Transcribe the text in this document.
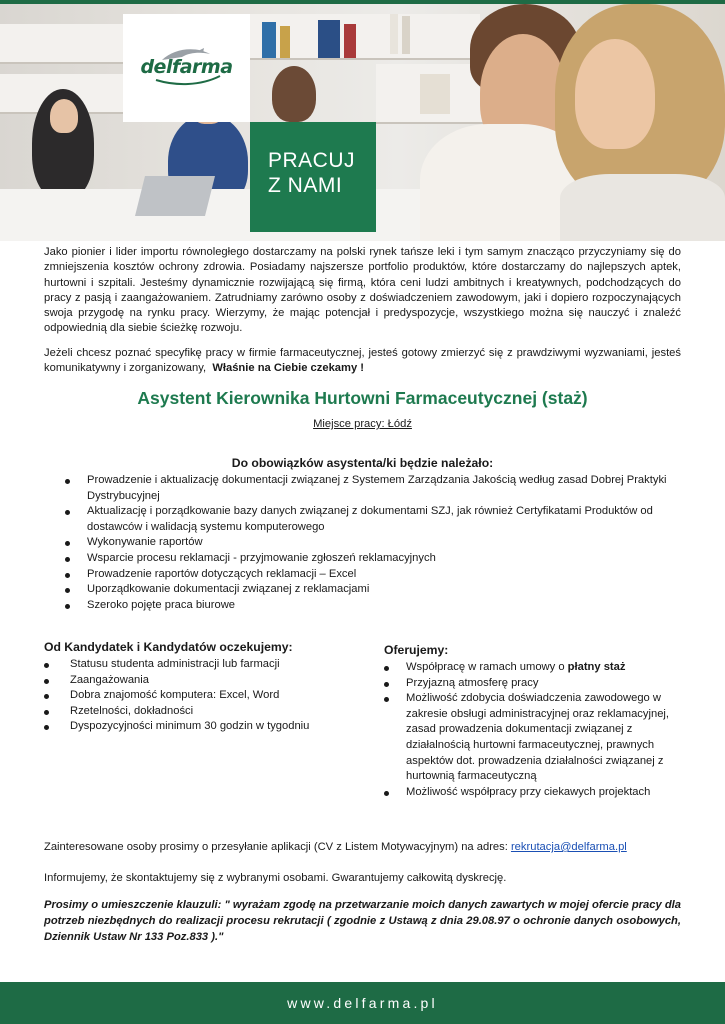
delfarma
PRACUJ
Z NAMI

Jako pionier i lider importu równoległego dostarczamy na polski rynek tańsze leki i tym samym znacząco przyczyniamy się do zmniejszenia kosztów ochrony zdrowia. Posiadamy najszersze portfolio produktów, które dostarczamy do najlepszych aptek, hurtowni i szpitali. Jesteśmy dynamicznie rozwijającą się firmą, która ceni ludzi ambitnych i kreatywnych, podchodzących do pracy z pasją i zaangażowaniem. Zatrudniamy zarówno osoby z doświadczeniem zawodowym, jaki i dopiero rozpoczynających swoja przygodę na rynku pracy. Wierzymy, że mając potencjał i predyspozycje, wszystkiego można się nauczyć i znaleźć odpowiednią dla siebie ścieżkę rozwoju.

Jeżeli chcesz poznać specyfikę pracy w firmie farmaceutycznej, jesteś gotowy zmierzyć się z prawdziwymi wyzwaniami, jesteś komunikatywny i zorganizowany, Właśnie na Ciebie czekamy !

Asystent Kierownika Hurtowni Farmaceutycznej (staż)
Miejsce pracy: Łódź
Do obowiązków asystenta/ki będzie należało:
Prowadzenie i aktualizację dokumentacji związanej z Systemem Zarządzania Jakością według zasad Dobrej Praktyki Dystrybucyjnej
Aktualizację i porządkowanie bazy danych związanej z dokumentami SZJ, jak również Certyfikatami Produktów od dostawców i walidacją systemu komputerowego
Wykonywanie raportów
Wsparcie procesu reklamacji - przyjmowanie zgłoszeń reklamacyjnych
Prowadzenie raportów dotyczących reklamacji – Excel
Uporządkowanie dokumentacji związanej z reklamacjami
Szeroko pojęte praca biurowe
Od Kandydatek i Kandydatów oczekujemy:
Statusu studenta administracji lub farmacji
Zaangażowania
Dobra znajomość komputera: Excel, Word
Rzetelności, dokładności
Dyspozycyjności minimum 30 godzin w tygodniu
Oferujemy:
Współpracę w ramach umowy o płatny staż
Przyjazną atmosferę pracy
Możliwość zdobycia doświadczenia zawodowego w zakresie obsługi administracyjnej oraz reklamacyjnej, zasad prowadzenia dokumentacji związanej z działalnością hurtowni farmaceutycznej, prawnych aspektów dot. prowadzenia działalności związanej z hurtownią farmaceutyczną
Możliwość współpracy przy ciekawych projektach

Zainteresowane osoby prosimy o przesyłanie aplikacji (CV z Listem Motywacyjnym) na adres: rekrutacja@delfarma.pl

Informujemy, że skontaktujemy się z wybranymi osobami. Gwarantujemy całkowitą dyskrecję.

Prosimy o umieszczenie klauzuli: " wyrażam zgodę na przetwarzanie moich danych zawartych w mojej ofercie pracy dla potrzeb niezbędnych do realizacji procesu rekrutacji ( zgodnie z Ustawą z dnia 29.08.97 o ochronie danych osobowych, Dziennik Ustaw Nr 133 Poz.833 )."

www.delfarma.pl
